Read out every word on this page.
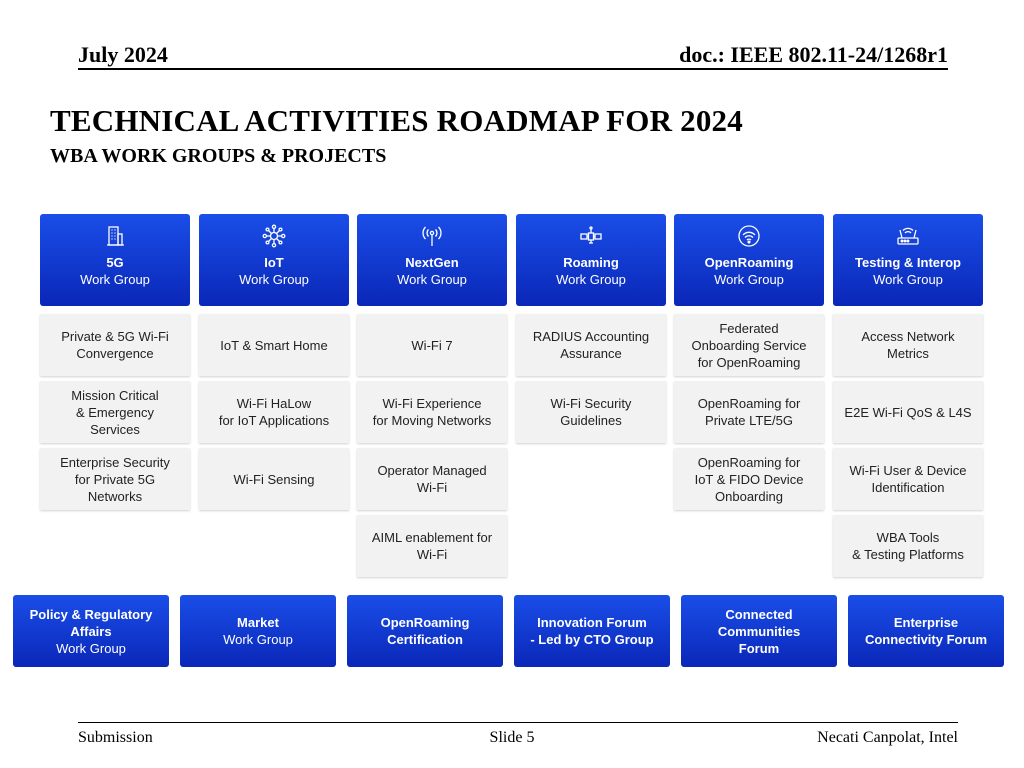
July 2024	doc.: IEEE 802.11-24/1268r1
TECHNICAL ACTIVITIES ROADMAP FOR 2024
WBA WORK GROUPS & PROJECTS
5G
Work Group
Private & 5G Wi-Fi
Convergence
Mission Critical
& Emergency
Services
Enterprise Security
for Private 5G
Networks
IoT
Work Group
IoT & Smart Home
Wi-Fi HaLow
for IoT Applications
Wi-Fi Sensing
NextGen
Work Group
Wi-Fi 7
Wi-Fi Experience
for Moving Networks
Operator Managed
Wi-Fi
AIML enablement for
Wi-Fi
Roaming
Work Group
RADIUS Accounting
Assurance
Wi-Fi Security
Guidelines
OpenRoaming
Work Group
Federated
Onboarding Service
for OpenRoaming
OpenRoaming for
Private LTE/5G
OpenRoaming for
IoT & FIDO Device
Onboarding
Testing & Interop
Work Group
Access Network
Metrics
E2E Wi-Fi QoS & L4S
Wi-Fi User & Device
Identification
WBA Tools
& Testing Platforms
Policy & Regulatory
Affairs
Work Group
Market
Work Group
OpenRoaming
Certification
Innovation Forum
- Led by CTO Group
Connected
Communities
Forum
Enterprise
Connectivity Forum
Submission	Slide 5	Necati Canpolat, Intel
